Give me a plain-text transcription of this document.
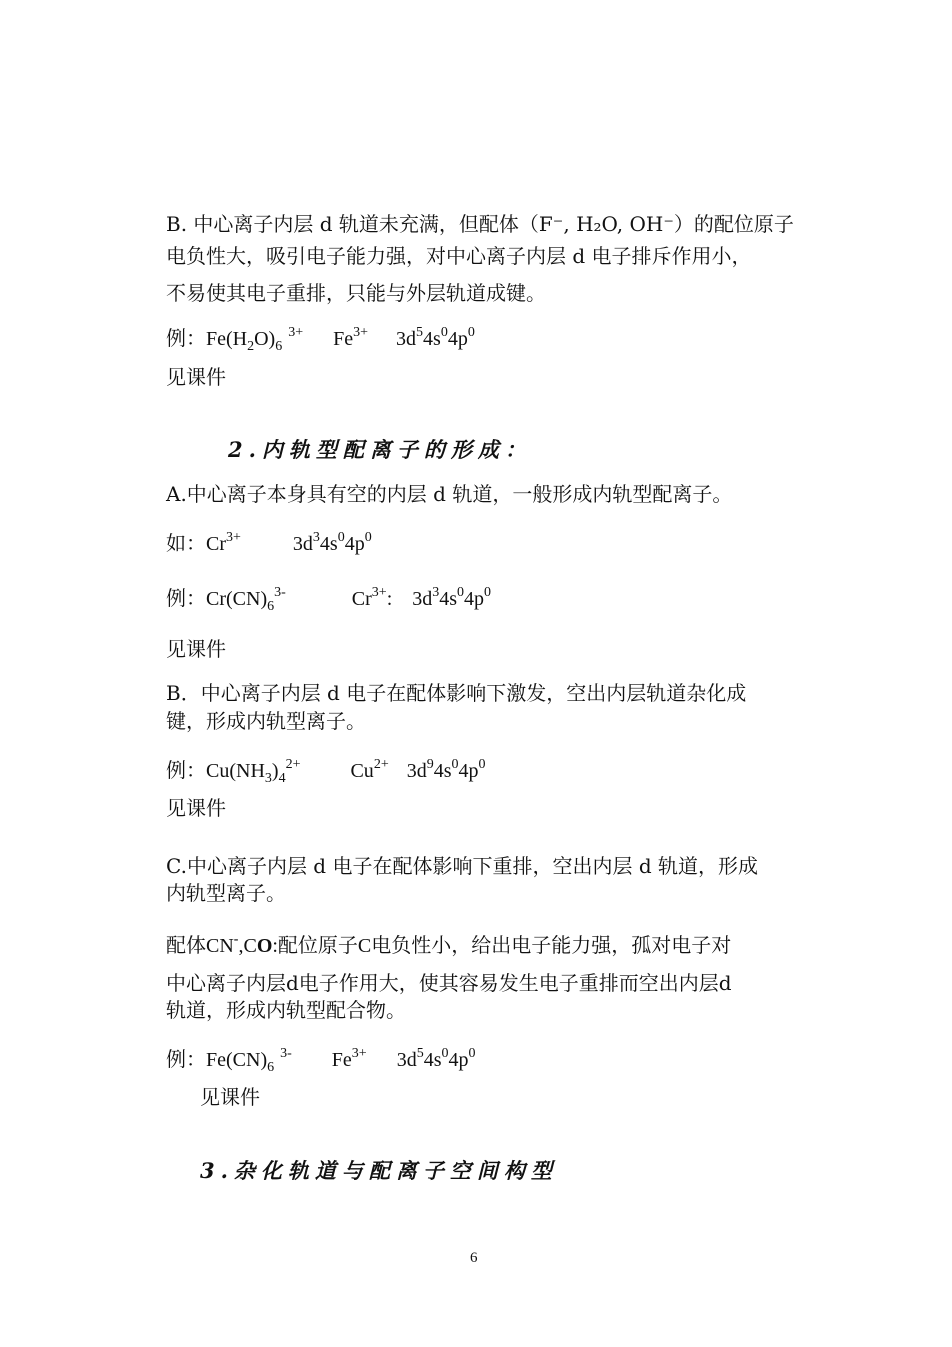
B. 中心离子内层 d 轨道未充满，但配体（F⁻, H₂O, OH⁻）的配位原子
电负性大，吸引电子能力强，对中心离子内层 d 电子排斥作用小，
不易使其电子重排，只能与外层轨道成键。
例：$Fe(H_2O)_6^{3+}$ $Fe^{3+}$ $3d^54s^04p^0$
见课件
2.内轨型配离子的形成：
A.中心离子本身具有空的内层 d 轨道，一般形成内轨型配离子。
如：$Cr^{3+}$	$3d^34s^04p^0$
例：$Cr(CN)_6^{3-}$	$Cr^{3+}$: $3d^34s^04p^0$
见课件
B．中心离子内层 d 电子在配体影响下激发，空出内层轨道杂化成
键，形成内轨型离子。
例：$Cu(NH_3)_4^{2+}$	$Cu^{2+}$ $3d^94s^04p^0$
见课件
C.中心离子内层 d 电子在配体影响下重排，空出内层 d 轨道，形成
内轨型离子。
配体CN-,CO:配位原子C电负性小，给出电子能力强，孤对电子对
中心离子内层d电子作用大，使其容易发生电子重排而空出内层d
轨道，形成内轨型配合物。
例：$Fe(CN)_6^{3-}$ $Fe^{3+}$ $3d^54s^04p^0$
见课件
3.杂化轨道与配离子空间构型
6
